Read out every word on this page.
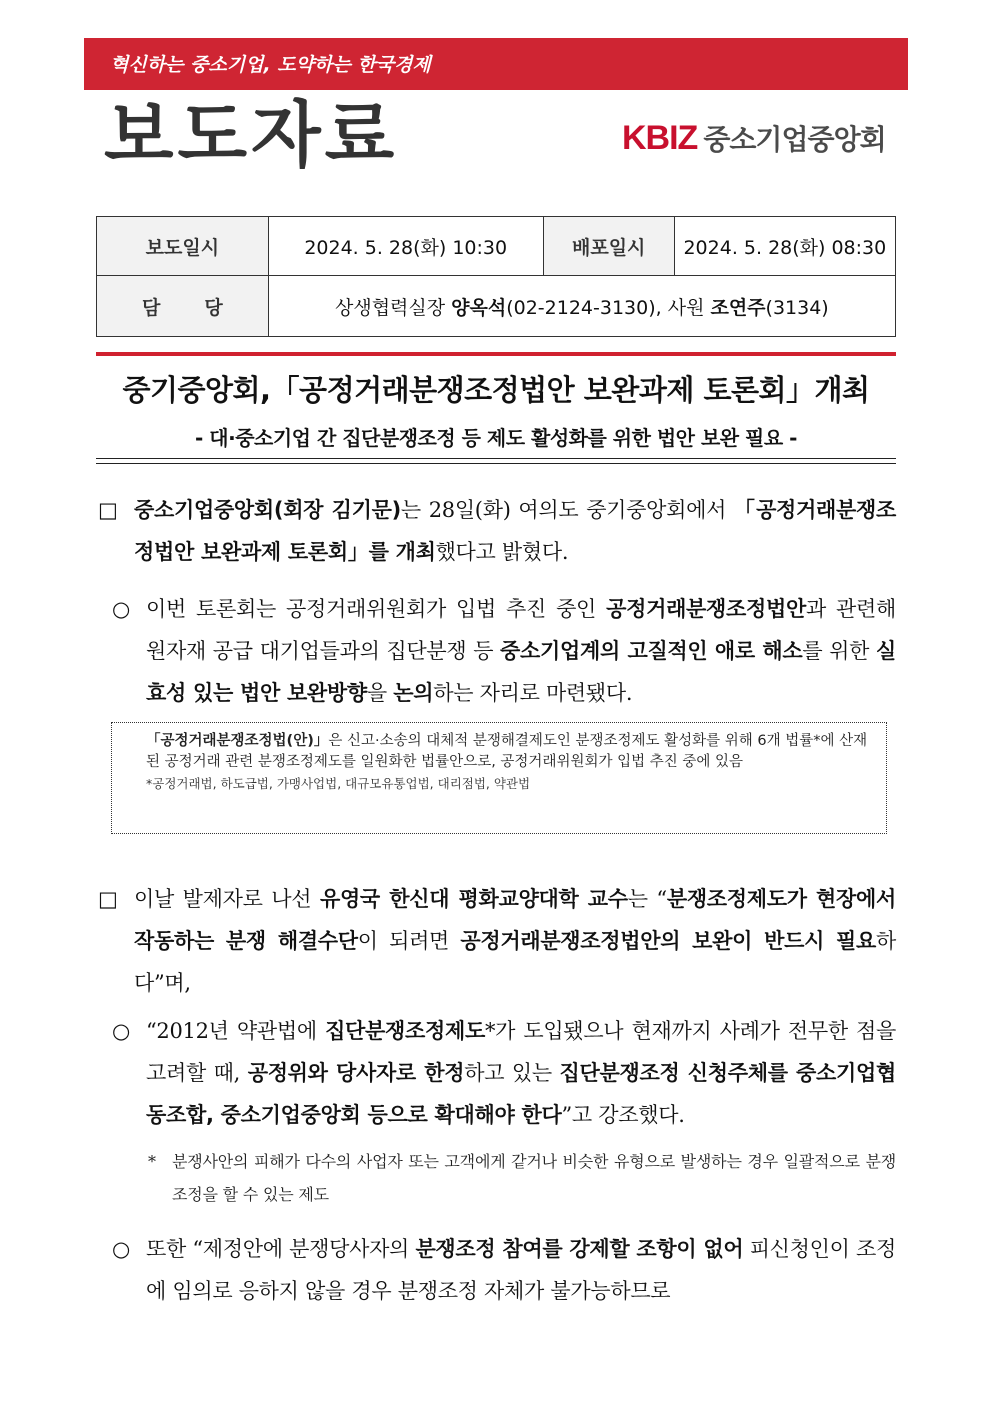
혁신하는 중소기업, 도약하는 한국경제
보도자료	KBIZ 중소기업중앙회
보도일시	2024. 5. 28(화) 10:30	배포일시	2024. 5. 28(화) 08:30
담당	상생협력실장 양옥석(02-2124-3130), 사원 조연주(3134)		
중기중앙회,「공정거래분쟁조정법안 보완과제 토론회」개최
- 대·중소기업 간 집단분쟁조정 등 제도 활성화를 위한 법안 보완 필요 -
□ 중소기업중앙회(회장 김기문)는 28일(화) 여의도 중기중앙회에서 「공정거래분쟁조정법안 보완과제 토론회」를 개최했다고 밝혔다.
○ 이번 토론회는 공정거래위원회가 입법 추진 중인 공정거래분쟁조정법안과 관련해 원자재 공급 대기업들과의 집단분쟁 등 중소기업계의 고질적인 애로 해소를 위한 실효성 있는 법안 보완방향을 논의하는 자리로 마련됐다.
「공정거래분쟁조정법(안)」은 신고·소송의 대체적 분쟁해결제도인 분쟁조정제도 활성화를 위해 6개 법률*에 산재된 공정거래 관련 분쟁조정제도를 일원화한 법률안으로, 공정거래위원회가 입법 추진 중에 있음
*공정거래법, 하도급법, 가맹사업법, 대규모유통업법, 대리점법, 약관법
□ 이날 발제자로 나선 유영국 한신대 평화교양대학 교수는 “분쟁조정제도가 현장에서 작동하는 분쟁 해결수단이 되려면 공정거래분쟁조정법안의 보완이 반드시 필요하다”며,
○ “2012년 약관법에 집단분쟁조정제도*가 도입됐으나 현재까지 사례가 전무한 점을 고려할 때, 공정위와 당사자로 한정하고 있는 집단분쟁조정 신청주체를 중소기업협동조합, 중소기업중앙회 등으로 확대해야 한다”고 강조했다.
* 분쟁사안의 피해가 다수의 사업자 또는 고객에게 같거나 비슷한 유형으로 발생하는 경우 일괄적으로 분쟁조정을 할 수 있는 제도
○ 또한 “제정안에 분쟁당사자의 분쟁조정 참여를 강제할 조항이 없어 피신청인이 조정에 임의로 응하지 않을 경우 분쟁조정 자체가 불가능하므로
